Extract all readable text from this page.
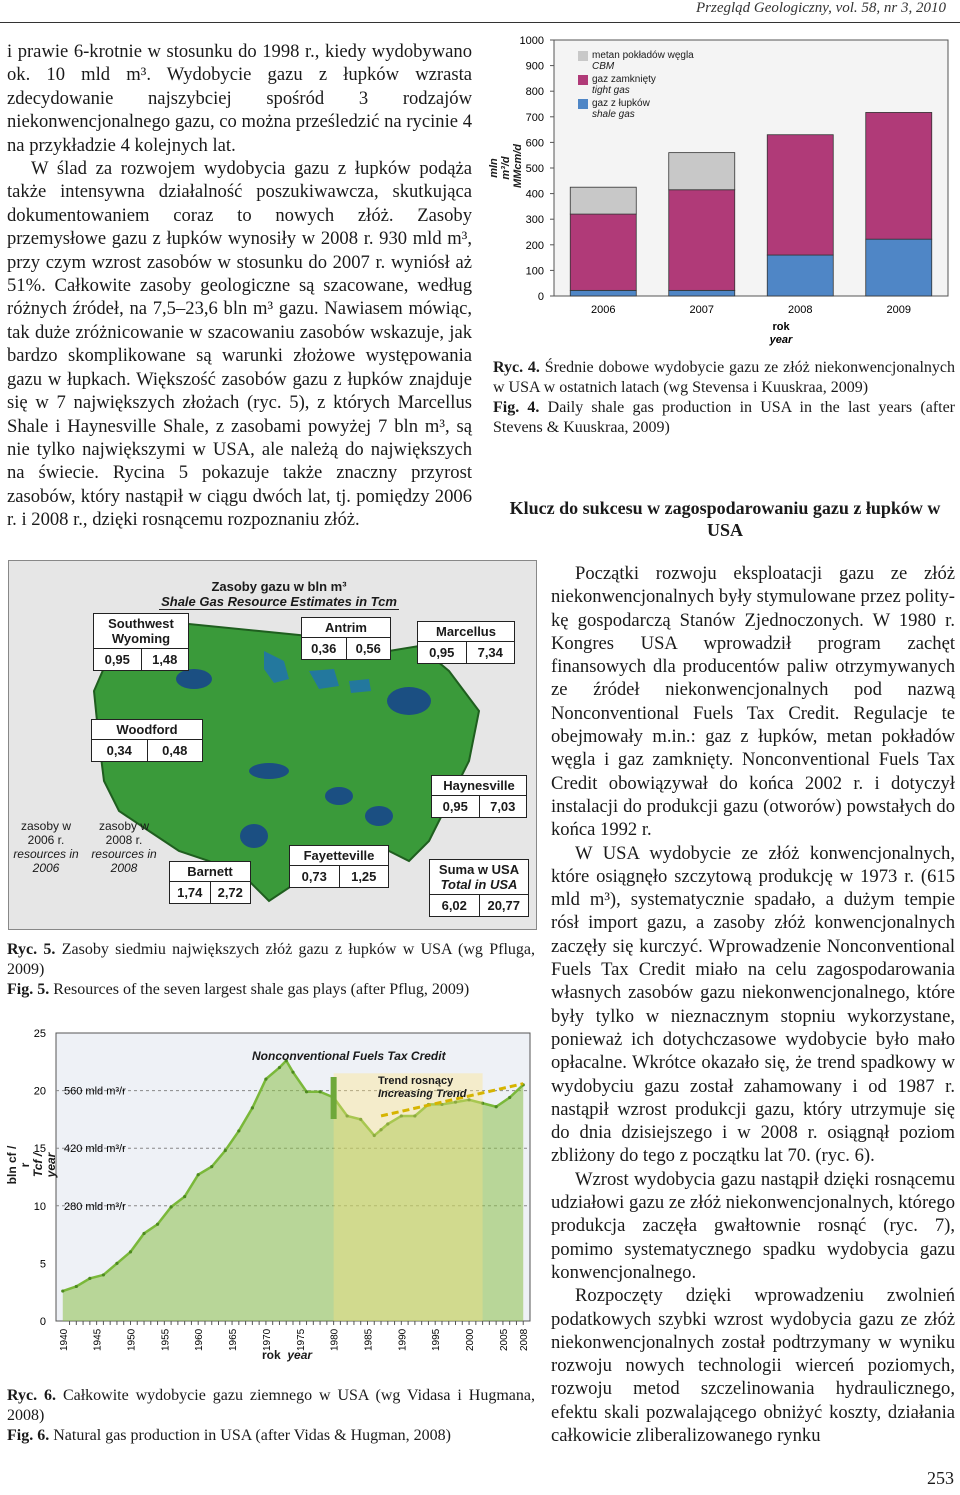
Przegląd Geologiczny, vol. 58, nr 3, 2010

i prawie 6-krotnie w stosunku do 1998 r., kiedy wydobywano ok. 10 mld m³. Wydobycie gazu z łupków wzrasta zdecydowanie najszybciej spośród 3 rodzajów niekonwencjonalnego gazu, co można prześledzić na rycinie 4 na przykładzie 4 kolejnych lat.

W ślad za rozwojem wydobycia gazu z łupków podąża także intensywna działalność poszukiwawcza, skutkująca dokumentowaniem coraz to nowych złóż. Zasoby przemysłowe gazu z łupków wynosiły w 2008 r. 930 mld m³, przy czym wzrost zasobów w stosunku do 2007 r. wyniósł aż 51%. Całkowite zasoby geologiczne są szacowane, według różnych źródeł, na 7,5–23,6 bln m³ gazu. Nawiasem mówiąc, tak duże zróżnicowanie w szacowaniu zasobów wskazuje, jak bardzo skomplikowane są warunki złożowe występowania gazu w łupkach. Większość zasobów gazu z łupków znajduje się w 7 największych złożach (ryc. 5), z których Marcellus Shale i Haynesville Shale, z zasobami powyżej 7 bln m³, są nie tylko największymi w USA, ale należą do największych na świecie. Rycina 5 pokazuje także znaczny przyrost zasobów, który nastąpił w ciągu dwóch lat, tj. pomiędzy 2006 r. i 2008 r., dzięki rosnącemu rozpoznaniu złóż.

mln m³/d MMcm/d
0
100
200
300
400
500
600
700
800
900
1000
2006	2007	2008	2009
rok
year
metan pokładów węgla
CBM
gaz zamknięty
tight gas
gaz z łupków
shale gas
Ryc. 4. Średnie dobowe wydobycie gazu ze złóż niekonwencjonalnych w USA w ostatnich latach (wg Stevensa i Kuuskraa, 2009)
Fig. 4. Daily shale gas production in USA in the last years (after Stevens & Kuuskraa, 2009)
Klucz do sukcesu w zagospodarowaniu gazu z łupków w USA
Zasoby gazu w bln m³
Shale Gas Resource Estimates in Tcm
Southwest Wyoming
0,95	1,48
Antrim
0,36	0,56
Marcellus
0,95	7,34
Woodford
0,34	0,48
Haynesville
0,95	7,03
Fayetteville
0,73	1,25
Barnett
1,74	2,72
Suma w USA
Total in USA
6,02	20,77
zasoby w 2006 r.
resources in 2006
zasoby w 2008 r.
resources in 2008
Ryc. 5. Zasoby siedmiu największych złóż gazu z łupków w USA (wg Pfluga, 2009)
Fig. 5. Resources of the seven largest shale gas plays (after Pflug, 2009)
0
5
10
15
20
25
560 mld m³/r
420 mld m³/r
280 mld m³/r
1940 1945 1950 1955 1960 1965 1970 1975 1980 1985 1990 1995 2000 2005 2008
bln cf / r Tcf / year
rok year
Nonconventional Fuels Tax Credit
Trend rosnący
Increasing Trend
Ryc. 6. Całkowite wydobycie gazu ziemnego w USA (wg Vidasa i Hugmana, 2008)
Fig. 6. Natural gas production in USA (after Vidas & Hugman, 2008)

Początki rozwoju eksploatacji gazu ze złóż niekonwencjonalnych były stymulowane przez polity-kę gospodarczą Stanów Zjednoczonych. W 1980 r. Kongres USA wprowadził program zachęt finansowych dla producentów paliw otrzymywanych ze źródeł niekonwencjonalnych pod nazwą Nonconventional Fuels Tax Credit. Regulacje te obejmowały m.in.: gaz z łupków, metan pokładów węgla i gaz zamknięty. Nonconventional Fuels Tax Credit obowiązywał do końca 2002 r. i dotyczył instalacji do produkcji gazu (otworów) powstałych do końca 1992 r.

W USA wydobycie ze złóż konwencjonalnych, które osiągnęło szczytową produkcję w 1973 r. (615 mld m³), systematycznie spadało, a dużym tempie rósł import gazu, a zasoby złóż konwencjonalnych zaczęły się kurczyć. Wprowadzenie Nonconventional Fuels Tax Credit miało na celu zagospodarowania własnych zasobów gazu niekonwencjonalnego, które były tylko w nieznacznym stopniu wykorzystane, ponieważ ich dotychczasowe wydobycie było mało opłacalne. Wkrótce okazało się, że trend spadkowy w wydobyciu gazu został zahamowany i od 1987 r. nastąpił wzrost produkcji gazu, który utrzymuje się do dnia dzisiejszego i w 2008 r. osiągnął poziom zbliżony do tego z początku lat 70. (ryc. 6).

Wzrost wydobycia gazu nastąpił dzięki rosnącemu udziałowi gazu ze złóż niekonwencjonalnych, którego produkcja zaczęła gwałtownie rosnąć (ryc. 7), pomimo systematycznego spadku wydobycia gazu konwencjonalnego.

Rozpoczęty dzięki wprowadzeniu zwolnień podatkowych szybki wzrost wydobycia gazu ze złóż niekonwencjonalnych został podtrzymany w wyniku rozwoju nowych technologii wierceń poziomych, rozwoju metod szczelinowania hydraulicznego, efektu skali pozwalającego obniżyć koszty, działania całkowicie zliberalizowanego rynku

253
